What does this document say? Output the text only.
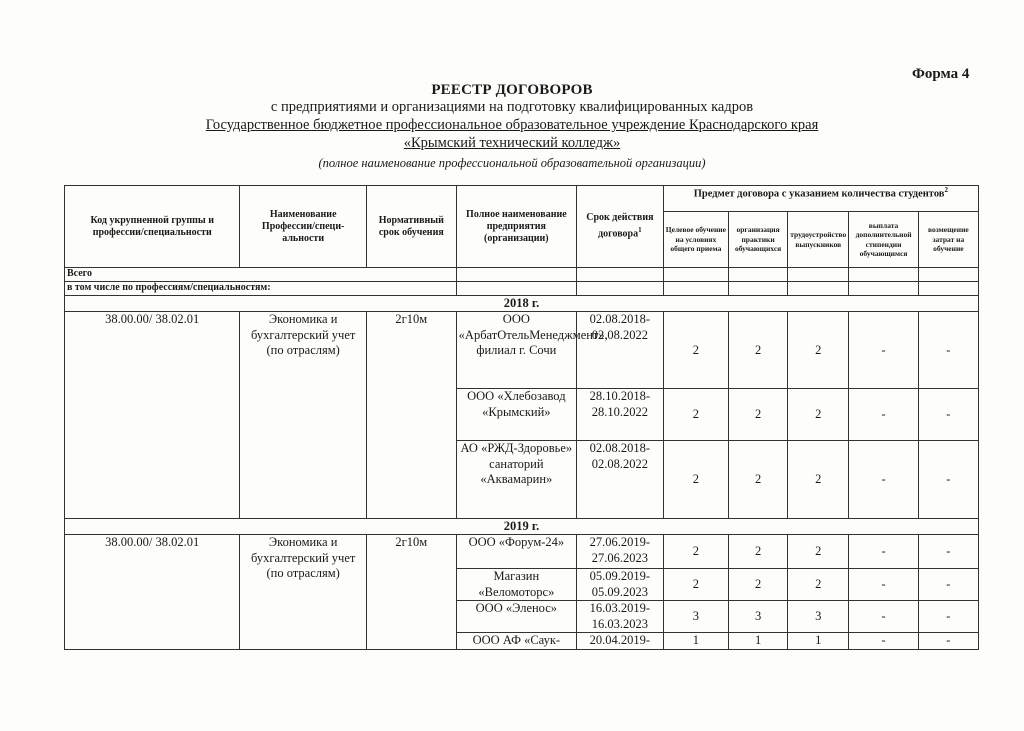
Форма 4
РЕЕСТР ДОГОВОРОВ
с предприятиями и организациями на подготовку квалифицированных кадров
Государственное бюджетное профессиональное образовательное учреждение Краснодарского края
«Крымский технический колледж»
(полное наименование профессиональной образовательной организации)
Код укрупненной группы и профессии/специальности	Наименование Профессии/специ-альности	Нормативный срок обучения	Полное наименование предприятия (организации)	Срок действия договора$^1$	Предмет договора с указанием количества студентов$^2$
					Целевое обучение на условиях общего приема	организация практики обучающихся	трудоустройство выпускников	выплата дополнительной стипендии обучающимся	возмещение затрат на обучение
Всего									
в том числе по профессиям/специальностям:									
2018 г.									
38.00.00/ 38.02.01	Экономика и бухгалтерский учет (по отраслям)	2г10м	ООО «АрбатОтельМенеджмент», филиал г. Сочи	02.08.2018-02.08.2022	2	2	2	-	-
			ООО «Хлебозавод «Крымский»	28.10.2018-28.10.2022	2	2	2	-	-
			АО «РЖД-Здоровье» санаторий «Аквамарин»	02.08.2018-02.08.2022	2	2	2	-	-
2019 г.									
38.00.00/ 38.02.01	Экономика и бухгалтерский учет (по отраслям)	2г10м	ООО «Форум-24»	27.06.2019-27.06.2023	2	2	2	-	-
			Магазин «Веломоторс»	05.09.2019-05.09.2023	2	2	2	-	-
			ООО «Эленос»	16.03.2019-16.03.2023	3	3	3	-	-
			ООО АФ «Саук-	20.04.2019-	1	1	1	-	-
